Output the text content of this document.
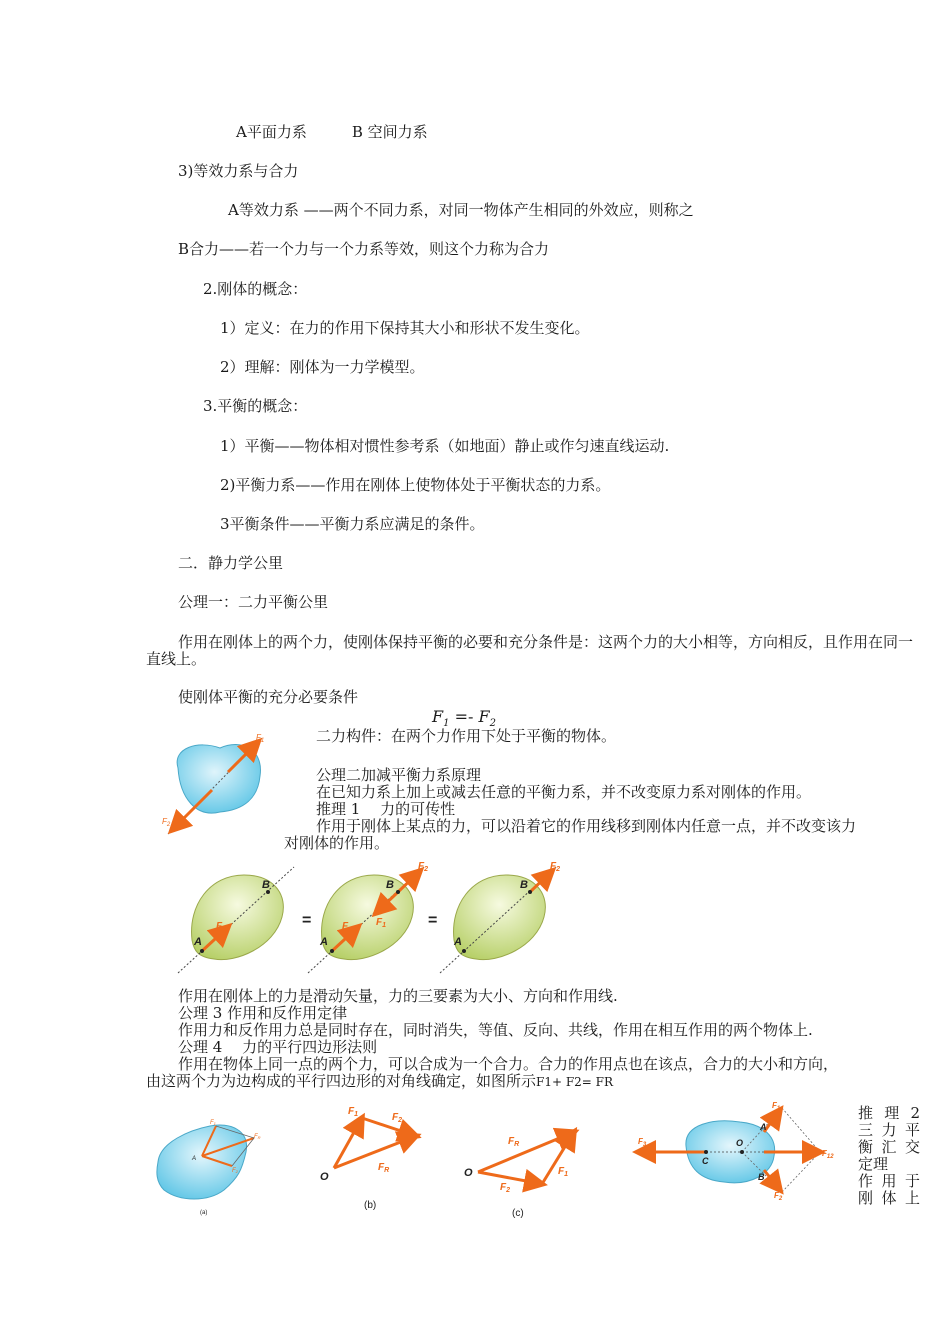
A平面力系　　　B 空间力系
3)等效力系与合力
A等效力系 ——两个不同力系，对同一物体产生相同的外效应，则称之
B合力——若一个力与一个力系等效，则这个力称为合力
2.刚体的概念：
1）定义：在力的作用下保持其大小和形状不发生变化。
2）理解：刚体为一力学模型。
3.平衡的概念：
1）平衡——物体相对惯性参考系（如地面）静止或作匀速直线运动.
2)平衡力系——作用在刚体上使物体处于平衡状态的力系。
3平衡条件——平衡力系应满足的条件。
二．静力学公里
公理一：二力平衡公里
作用在刚体上的两个力，使刚体保持平衡的必要和充分条件是：这两个力的大小相等，方向相反，且作用在同一直线上。
使刚体平衡的充分必要条件
$F_1 =- F_2$
二力构件：在两个力作用下处于平衡的物体。
公理二加减平衡力系原理
在已知力系上加上或减去任意的平衡力系，并不改变原力系对刚体的作用。
推理 1　 力的可传性
作用于刚体上某点的力，可以沿着它的作用线移到刚体内任意一点，并不改变该力
对刚体的作用。
$F_1$
$F_2$
A
B
F	=
A
B
F	$F_1$
$F_2$
=
A
B
$F_2$
作用在刚体上的力是滑动矢量，力的三要素为大小、方向和作用线.
公理 3 作用和反作用定律
作用力和反作用力总是同时存在，同时消失，等值、反向、共线，作用在相互作用的两个物体上.
公理 4　 力的平行四边形法则
作用在物体上同一点的两个力，可以合成为一个合力。合力的作用点也在该点，合力的大小和方向，
由这两个力为边构成的平行四边形的对角线确定，如图所示F1+ F2= FR
A
F1
FR
F2
(a)
O
$F_1$	$F_2$
$F_R$
(b)
O
$F_R$
$F_1$
$F_2$
(c)
C
O
A
B
$F_3$
$F_{12}$
$F_1$
$F_2$
推 理 2
三 力 平
衡 汇 交
定理
作 用 于
刚 体 上
